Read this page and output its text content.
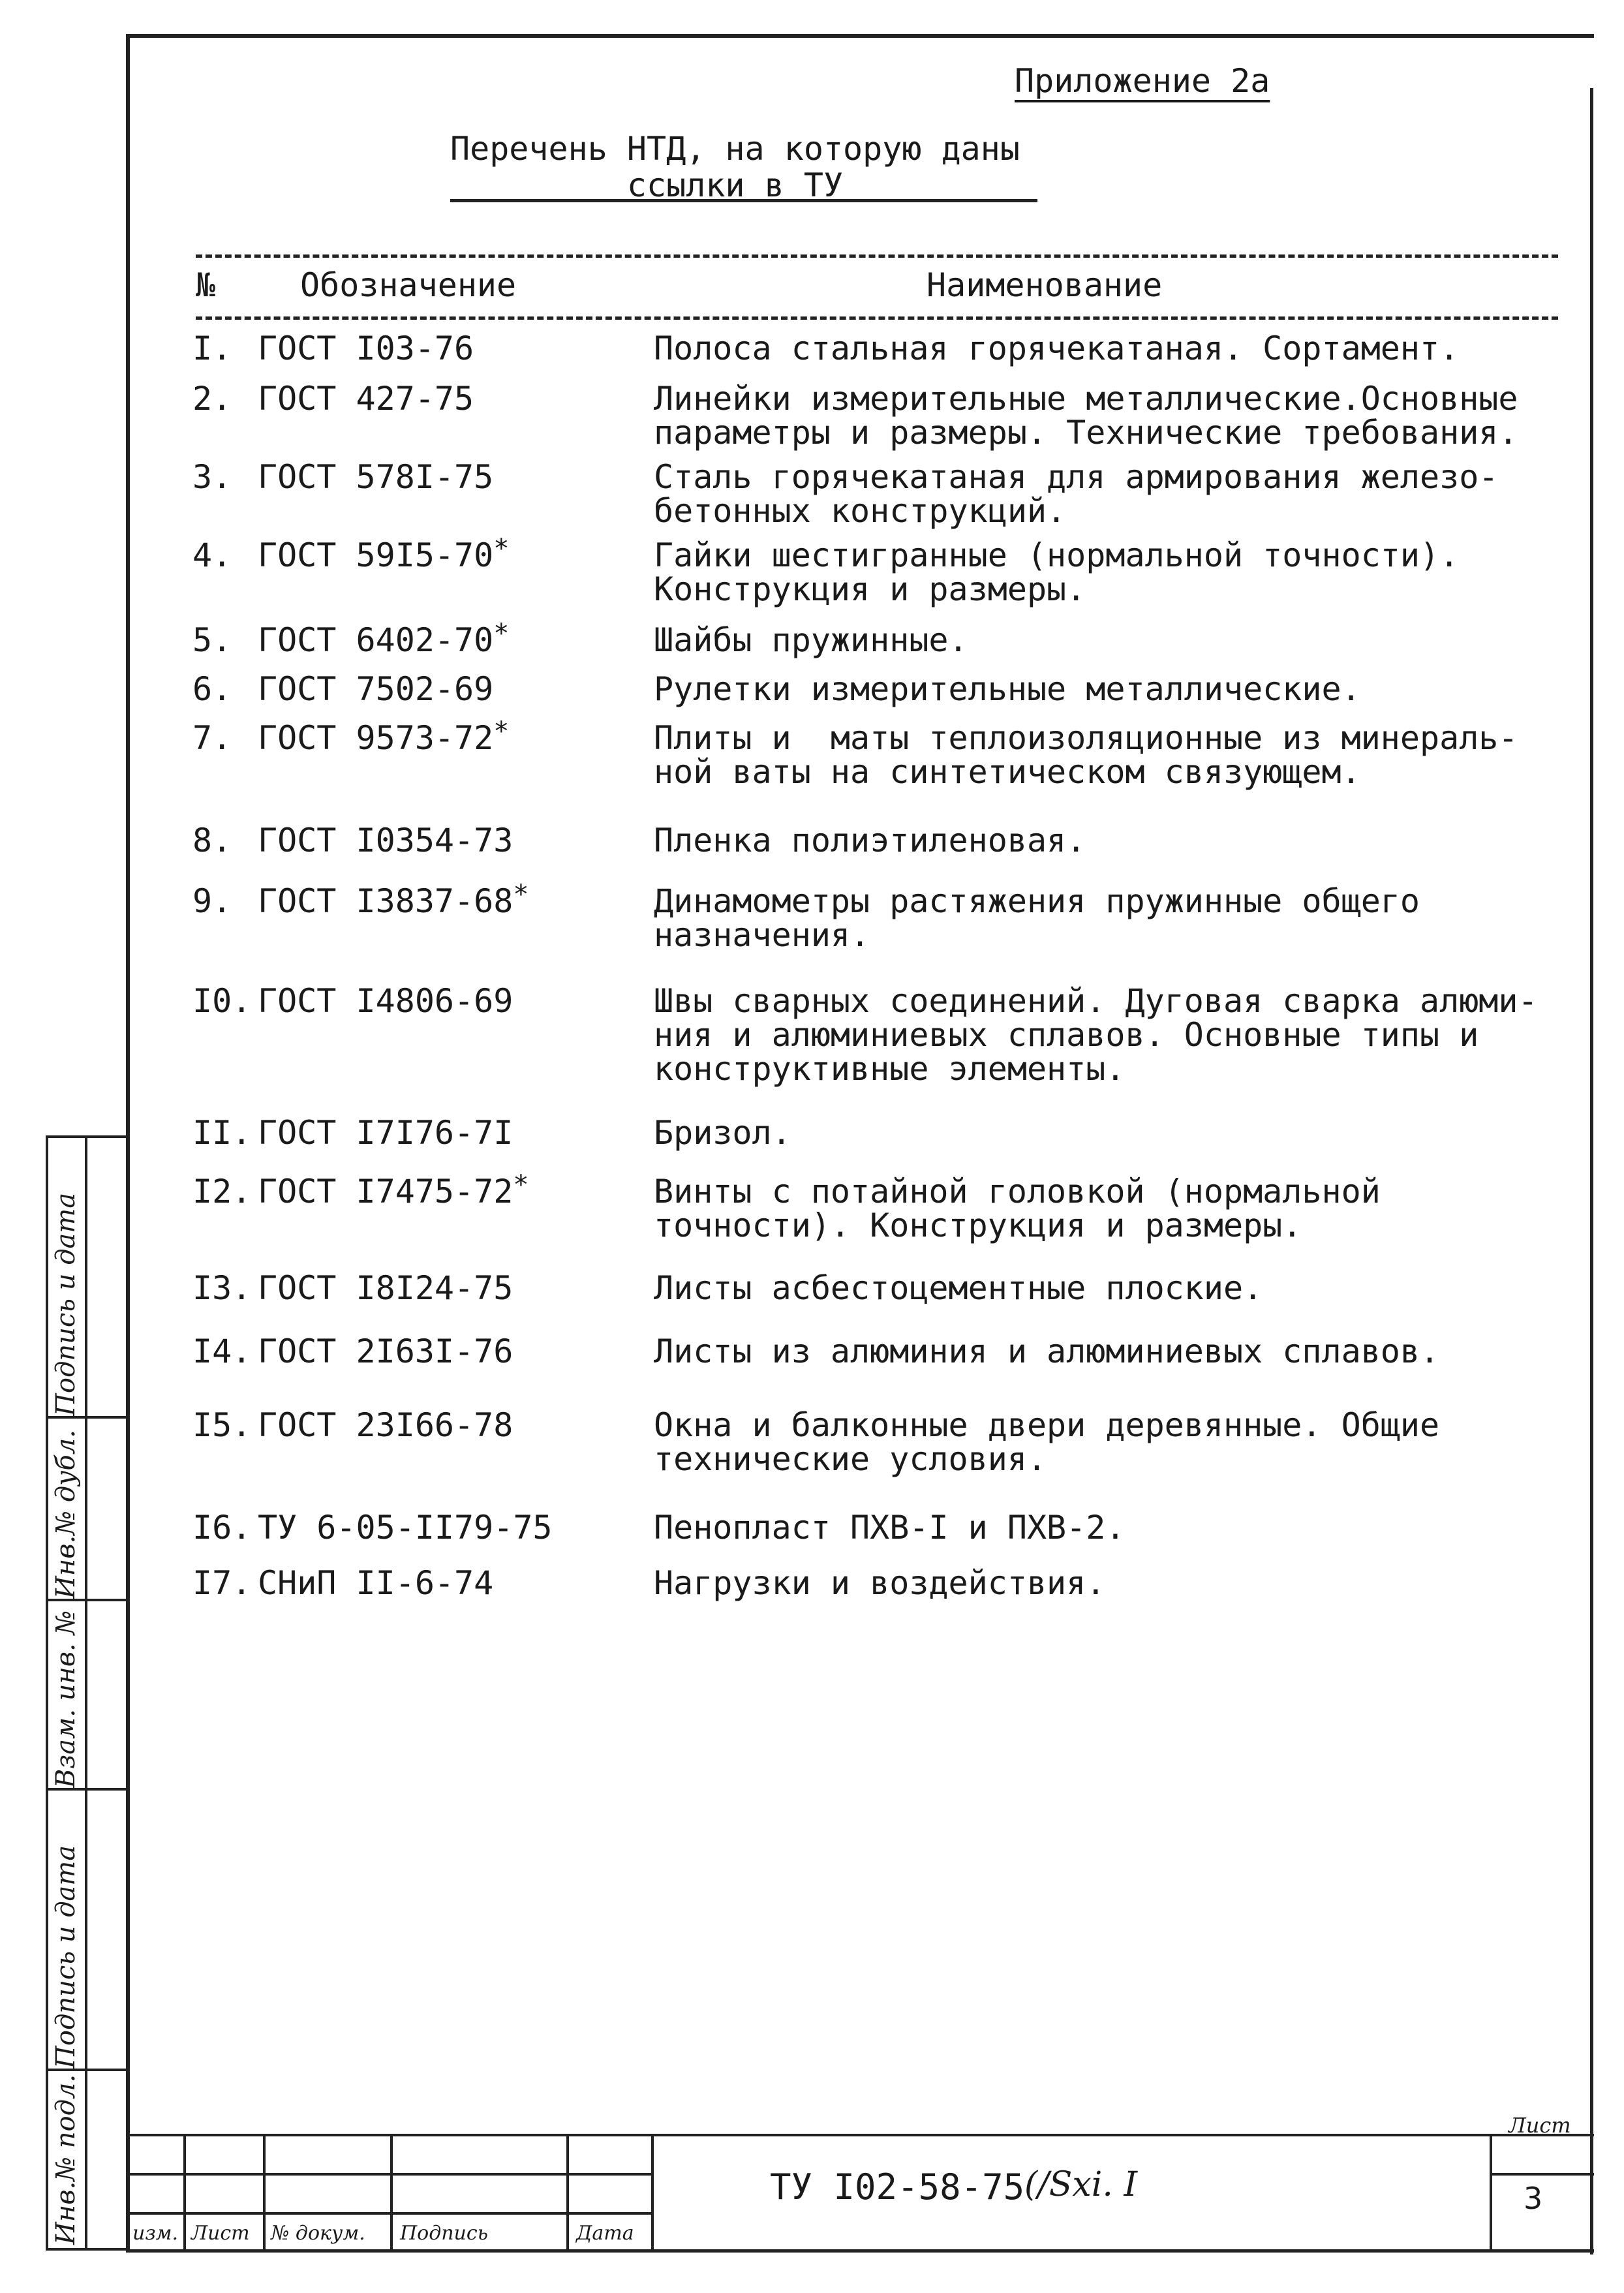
Приложение 2а
Перечень НТД, на которую даны
ссылки в ТУ
№	Обозначение	Наименование
I. ГОСТ I03-76	Полоса стальная горячекатаная. Сортамент.
2. ГОСТ 427-75	Линейки измерительные металлические.Основные
параметры и размеры. Технические требования.
3. ГОСТ 578I-75	Сталь горячекатаная для армирования железо-
бетонных конструкций.
4. ГОСТ 59I5-70*	Гайки шестигранные (нормальной точности).
Конструкция и размеры.
5. ГОСТ 6402-70*	Шайбы пружинные.
6. ГОСТ 7502-69	Рулетки измерительные металлические.
7. ГОСТ 9573-72*	Плиты и  маты теплоизоляционные из минераль-
ной ваты на синтетическом связующем.
8. ГОСТ I0354-73	Пленка полиэтиленовая.
9. ГОСТ I3837-68*	Динамометры растяжения пружинные общего
назначения.
I0. ГОСТ I4806-69	Швы сварных соединений. Дуговая сварка алюми-
ния и алюминиевых сплавов. Основные типы и
конструктивные элементы.
II. ГОСТ I7I76-7I	Бризол.
I2. ГОСТ I7475-72*	Винты с потайной головкой (нормальной
точности). Конструкция и размеры.
I3. ГОСТ I8I24-75	Листы асбестоцементные плоские.
I4. ГОСТ 2I63I-76	Листы из алюминия и алюминиевых сплавов.
I5. ГОСТ 23I66-78	Окна и балконные двери деревянные. Общие
технические условия.
I6. ТУ 6-05-II79-75	Пенопласт ПХВ-I и ПХВ-2.
I7. СНиП II-6-74	Нагрузки и воздействия.
Подпись и дата
Инв.№ дубл.
Взам. инв. №
Подпись и дата
Инв.№ подл.	изм. Лист № докум. Подпись	Дата
ТУ I02-58-75 (/Sxi. I
Лист
3
